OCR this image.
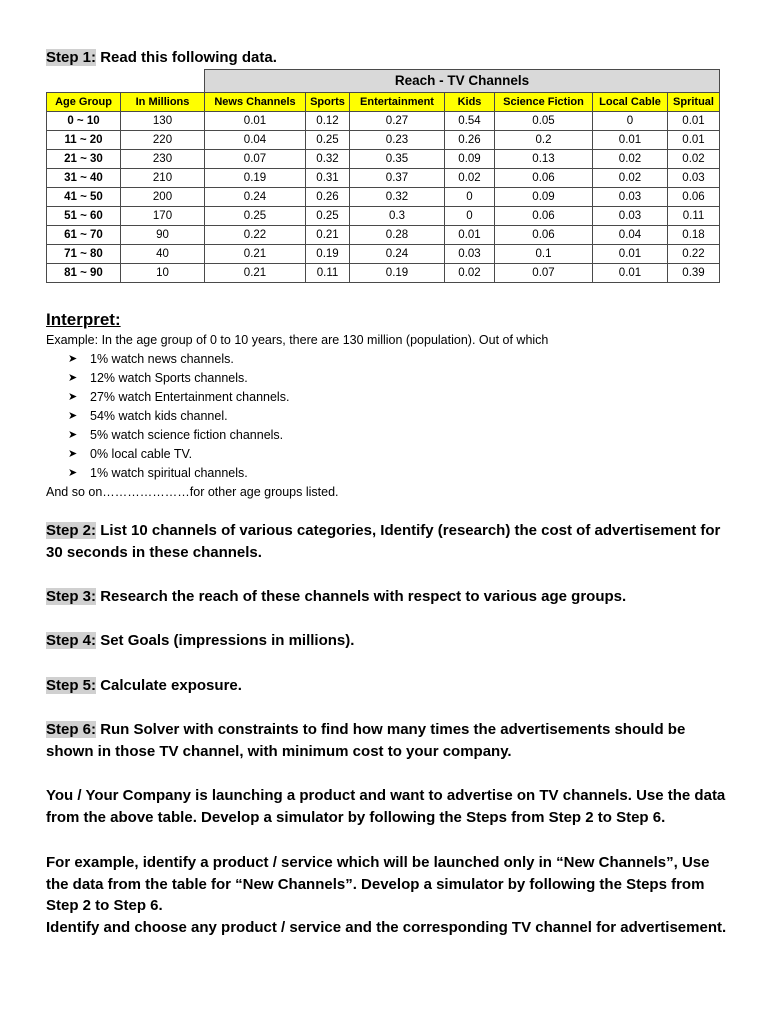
Step 1: Read this following data.
		Reach - TV Channels						
Age Group	In Millions	News Channels	Sports	Entertainment	Kids	Science Fiction	Local Cable	Spritual
0 ~ 10	130	0.01	0.12	0.27	0.54	0.05	0	0.01
11 ~ 20	220	0.04	0.25	0.23	0.26	0.2	0.01	0.01
21 ~ 30	230	0.07	0.32	0.35	0.09	0.13	0.02	0.02
31 ~ 40	210	0.19	0.31	0.37	0.02	0.06	0.02	0.03
41 ~ 50	200	0.24	0.26	0.32	0	0.09	0.03	0.06
51 ~ 60	170	0.25	0.25	0.3	0	0.06	0.03	0.11
61 ~ 70	90	0.22	0.21	0.28	0.01	0.06	0.04	0.18
71 ~ 80	40	0.21	0.19	0.24	0.03	0.1	0.01	0.22
81 ~ 90	10	0.21	0.11	0.19	0.02	0.07	0.01	0.39
Interpret:
Example: In the age group of 0 to 10 years, there are 130 million (population). Out of which
➤	1% watch news channels.
➤	12% watch Sports channels.
➤	27% watch Entertainment channels.
➤	54% watch kids channel.
➤	5% watch science fiction channels.
➤	0% local cable TV.
➤	1% watch spiritual channels.
And so on…………………for other age groups listed.
Step 2: List 10 channels of various categories, Identify (research) the cost of advertisement for 30 seconds in these channels.
Step 3: Research the reach of these channels with respect to various age groups.
Step 4: Set Goals (impressions in millions).
Step 5: Calculate exposure.
Step 6: Run Solver with constraints to find how many times the advertisements should be shown in those TV channel, with minimum cost to your company.
You / Your Company is launching a product and want to advertise on TV channels. Use the data from the above table. Develop a simulator by following the Steps from Step 2 to Step 6.
For example, identify a product / service which will be launched only in “New Channels”, Use the data from the table for “New Channels”. Develop a simulator by following the Steps from Step 2 to Step 6.
Identify and choose any product / service and the corresponding TV channel for advertisement.
